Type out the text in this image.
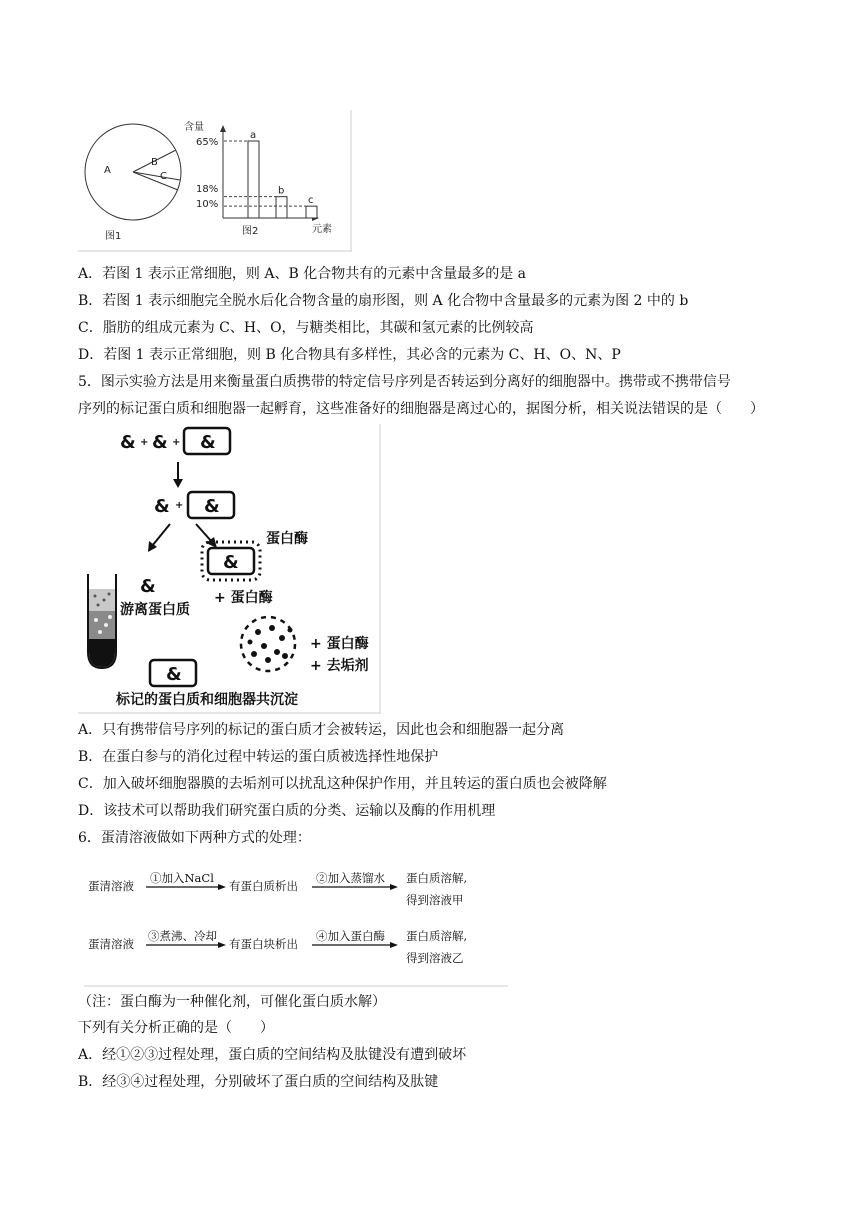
A
B
C
图1
含量
元素
65%
18%
10%
a
b
c
图2
A．若图 1 表示正常细胞，则 A、B 化合物共有的元素中含量最多的是 a
B．若图 1 表示细胞完全脱水后化合物含量的扇形图，则 A 化合物中含量最多的元素为图 2 中的 b
C．脂肪的组成元素为 C、H、O，与糖类相比，其碳和氢元素的比例较高
D．若图 1 表示正常细胞，则 B 化合物具有多样性，其必含的元素为 C、H、O、N、P
5．图示实验方法是用来衡量蛋白质携带的特定信号序列是否转运到分离好的细胞器中。携带或不携带信号
序列的标记蛋白质和细胞器一起孵育，这些准备好的细胞器是离过心的，据图分析，相关说法错误的是（　　）
& + & + &
& + &
&
蛋白酶
+ 蛋白酶
&
游离蛋白质
+ 蛋白酶
+ 去垢剂
&
标记的蛋白质和细胞器共沉淀
A．只有携带信号序列的标记的蛋白质才会被转运，因此也会和细胞器一起分离
B．在蛋白参与的消化过程中转运的蛋白质被选择性地保护
C．加入破坏细胞器膜的去垢剂可以扰乱这种保护作用，并且转运的蛋白质也会被降解
D．该技术可以帮助我们研究蛋白质的分类、运输以及酶的作用机理
6．蛋清溶液做如下两种方式的处理：
蛋清溶液
①加入NaCl
有蛋白质析出
②加入蒸馏水 蛋白质溶解,
得到溶液甲
蛋清溶液
③煮沸、冷却
有蛋白块析出
④加入蛋白酶 蛋白质溶解,
得到溶液乙
（注：蛋白酶为一种催化剂，可催化蛋白质水解）
下列有关分析正确的是（　　）
A．经①②③过程处理，蛋白质的空间结构及肽键没有遭到破坏
B．经③④过程处理，分别破坏了蛋白质的空间结构及肽键
